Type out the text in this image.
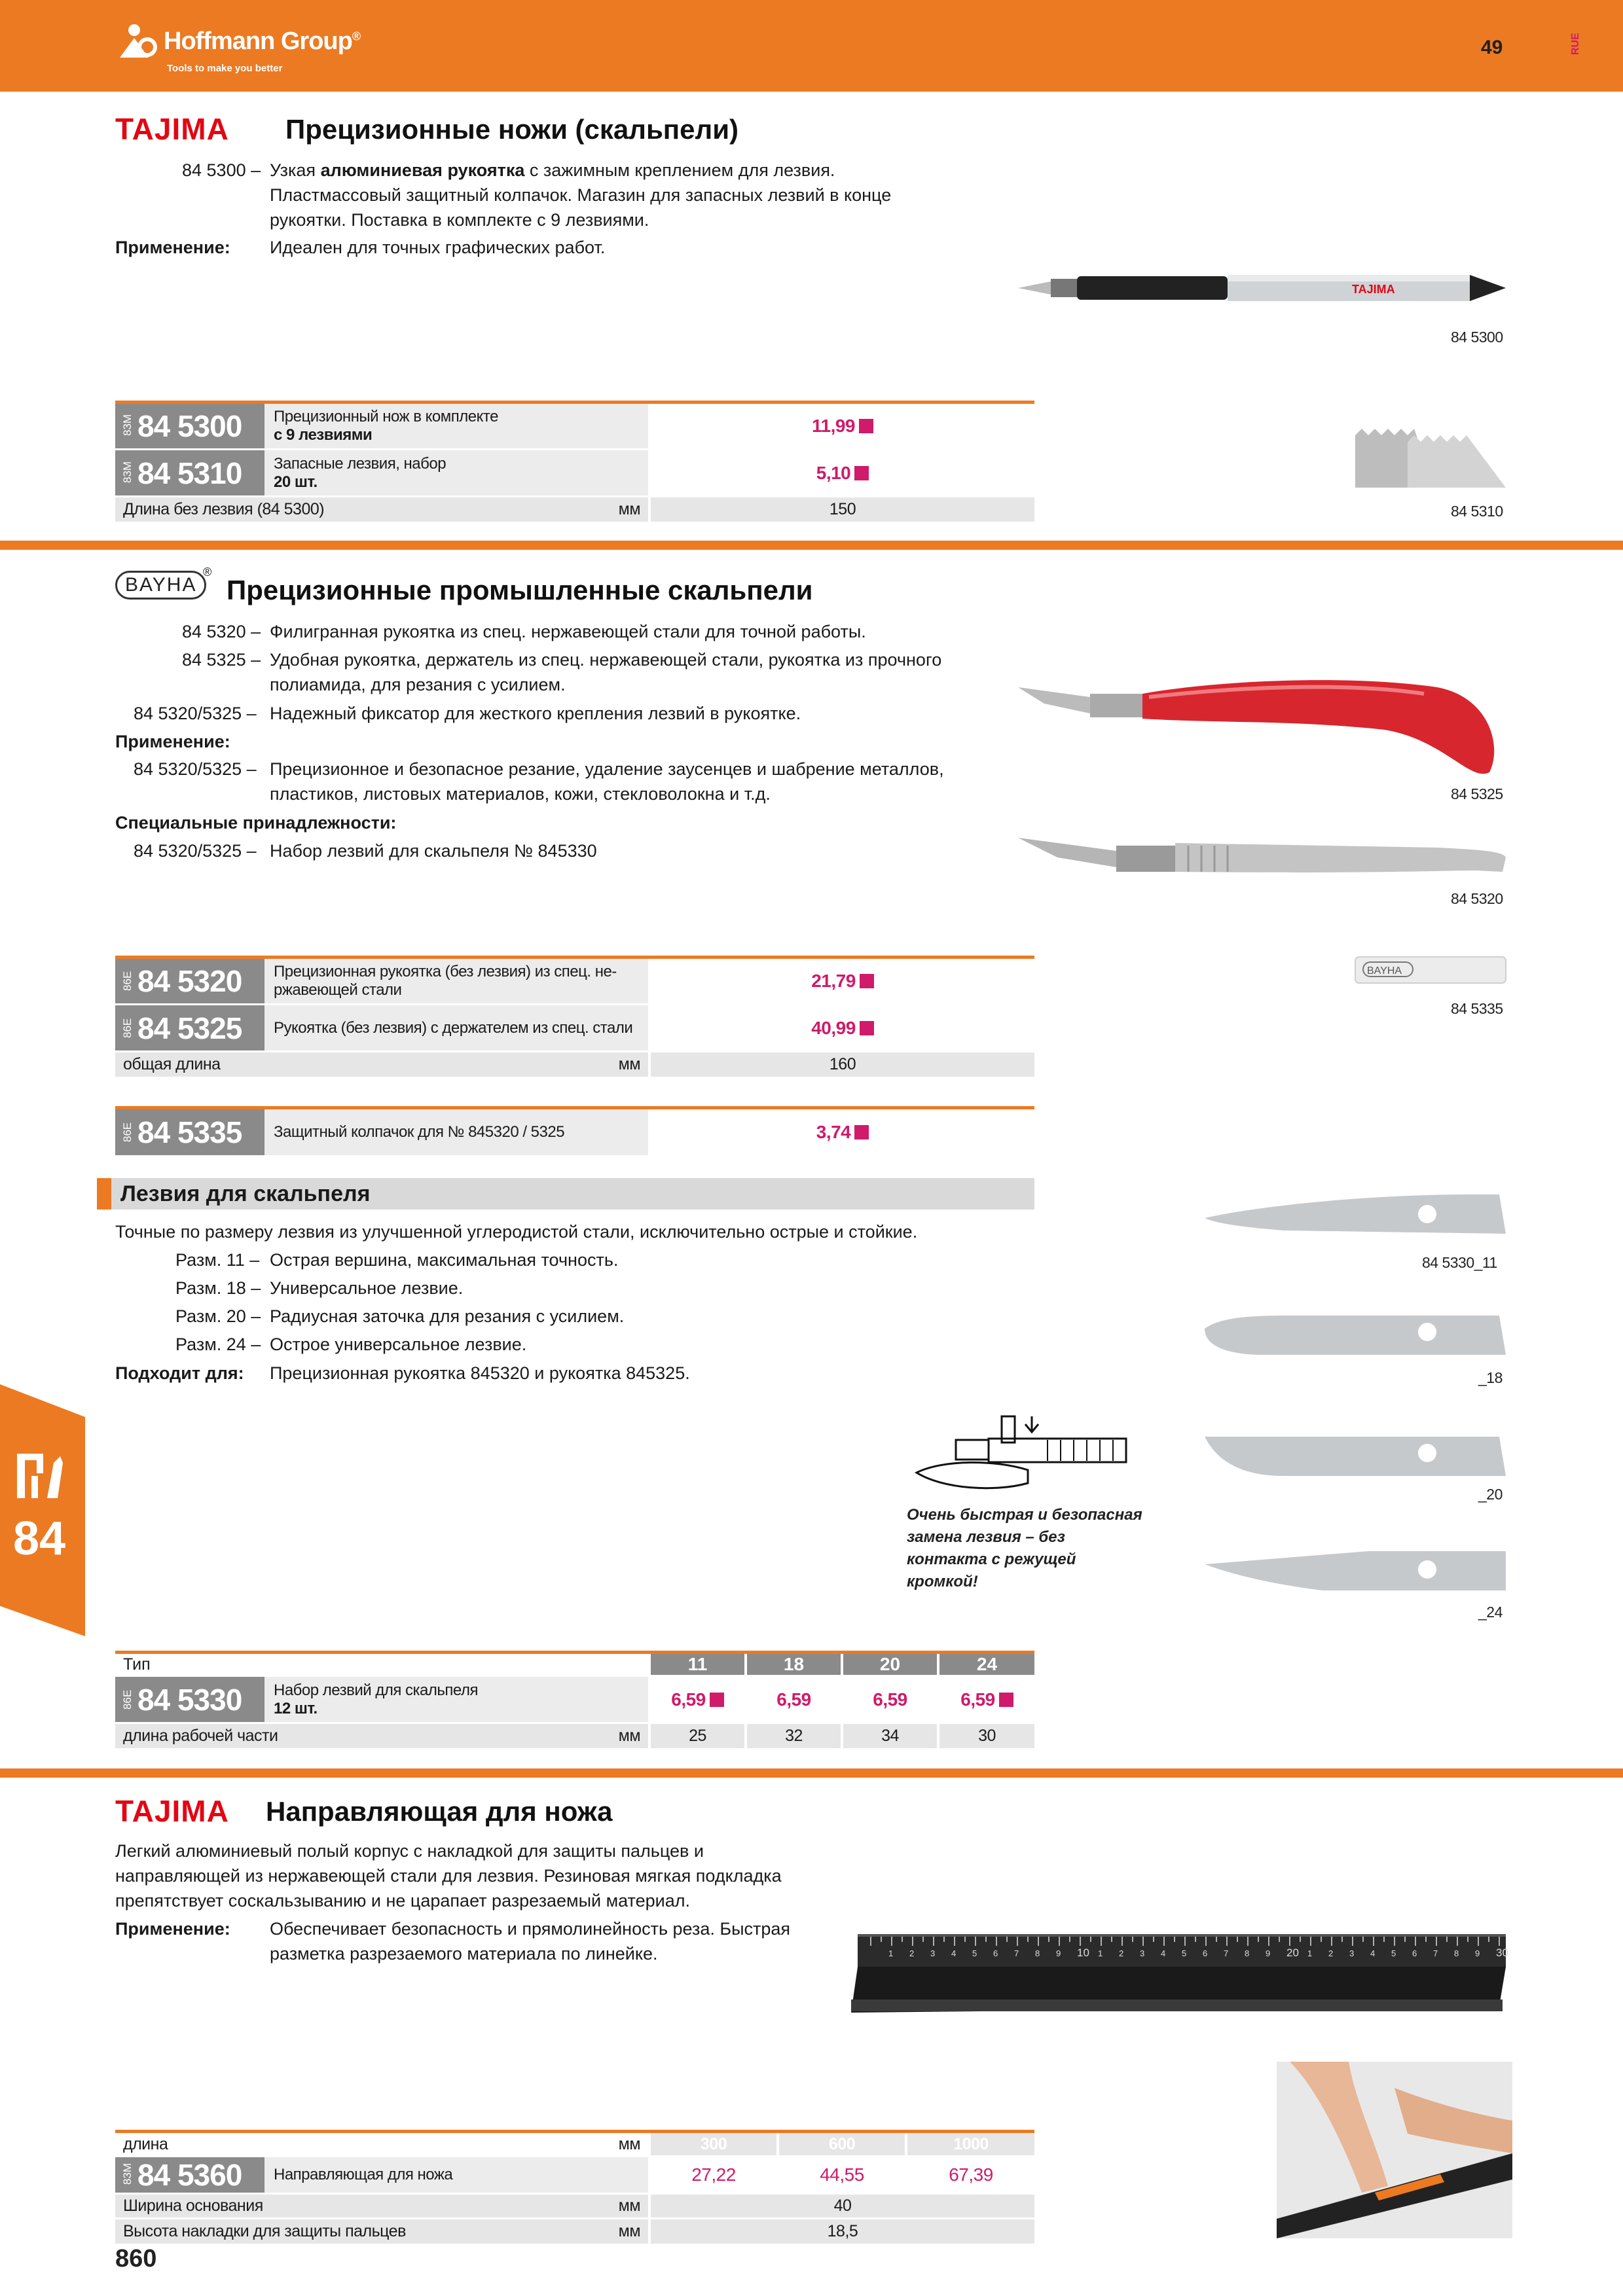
Hoffmann Group®
Tools to make you better
49	RUE
TAJIMA Прецизионные ножи (скальпели)
84 5300 – Узкая алюминиевая рукоятка с зажимным креплением для лезвия.
Пластмассовый защитный колпачок. Магазин для запасных лезвий в конце
рукоятки. Поставка в комплекте с 9 лезвиями.
Применение: Идеален для точных графических работ.
TAJIMA
84 5300
84 5310
83M 84 5300	Прецизионный нож в комплекте
с 9 лезвиями	11,99
83M 84 5310	Запасные лезвия, набор
20 шт.	5,10
Длина без лезвия (84 5300) мм		150
BAYHA
®
Прецизионные промышленные скальпели
84 5320 – Филигранная рукоятка из спец. нержавеющей стали для точной работы.
84 5325 – Удобная рукоятка, держатель из спец. нержавеющей стали, рукоятка из прочного
полиамида, для резания с усилием.
84 5320/5325 – Надежный фиксатор для жесткого крепления лезвий в рукоятке.
Применение:
84 5320/5325 – Прецизионное и безопасное резание, удаление заусенцев и шабрение металлов,
пластиков, листовых материалов, кожи, стекловолокна и т.д.
Специальные принадлежности:
84 5320/5325 – Набор лезвий для скальпеля № 845330
84 5325
84 5320
BAYHA
84 5335
86E 84 5320	Прецизионная рукоятка (без лезвия) из спец. не-
ржавеющей стали	21,79
86E 84 5325	Рукоятка (без лезвия) с держателем из спец. стали	40,99
общая длина мм		160
86E 84 5335	Защитный колпачок для № 845320 / 5325	3,74
Лезвия для скальпеля
Точные по размеру лезвия из улучшенной углеродистой стали, исключительно острые и стойкие.
Разм. 11 – Острая вершина, максимальная точность.
Разм. 18 – Универсальное лезвие.
Разм. 20 – Радиусная заточка для резания с усилием.
Разм. 24 – Острое универсальное лезвие.
Подходит для: Прецизионная рукоятка 845320 и рукоятка 845325.
Очень быстрая и безопасная
замена лезвия – без
контакта с режущей
кромкой!
84 5330_11
_18
_20
_24
Тип		11	18	20	24
86E 84 5330	Набор лезвий для скальпеля
12 шт.	6,59	6,59	6,59	6,59
длина рабочей части мм		25	32	34	30
TAJIMA Направляющая для ножа
Легкий алюминиевый полый корпус с накладкой для защиты пальцев и
направляющей из нержавеющей стали для лезвия. Резиновая мягкая подкладка
препятствует соскальзыванию и не царапает разрезаемый материал.
Применение: Обеспечивает безопасность и прямолинейность реза. Быстрая
разметка разрезаемого материала по линейке.	1 2 3 4 5 6 7 8 9 10 1 2 3 4 5 6 7 8 9 20 1 2 3 4 5 6 7 8 9 30
длина мм		300	600	1000
83M 84 5360	Направляющая для ножа	27,22	44,55	67,39
Ширина основания мм		40		
Высота накладки для защиты пальцев мм		18,5		
84
860
